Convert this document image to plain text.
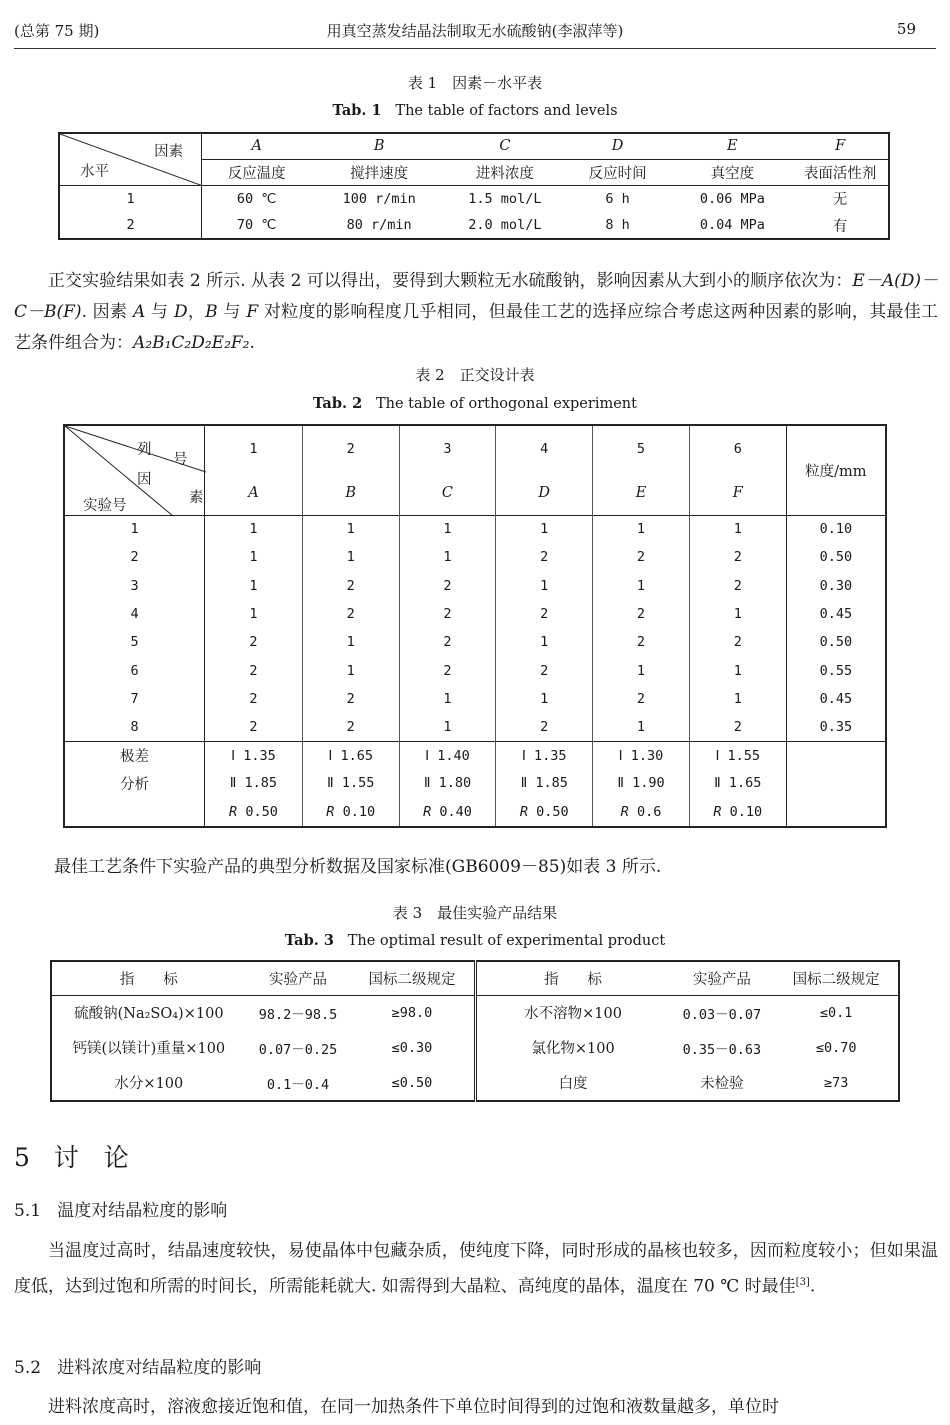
(总第 75 期)	用真空蒸发结晶法制取无水硫酸钠(李淑萍等)	59
表 1　因素－水平表
Tab. 1 The table of factors and levels
因素
水平	A	B	C	D	E	F
	反应温度	搅拌速度	进料浓度	反应时间	真空度	表面活性剂
1	60 ℃	100 r/min	1.5 mol/L	6 h	0.06 MPa	无
2	70 ℃	80 r/min	2.0 mol/L	8 h	0.04 MPa	有
正交实验结果如表 2 所示. 从表 2 可以得出，要得到大颗粒无水硫酸钠，影响因素从大到小的顺序依次为：E－A(D)－C－B(F). 因素 A 与 D，B 与 F 对粒度的影响程度几乎相同，但最佳工艺的选择应综合考虑这两种因素的影响，其最佳工艺条件组合为：A₂B₁C₂D₂E₂F₂.
表 2　正交设计表
Tab. 2 The table of orthogonal experiment
列
号
因
素
实验号	1	2	3	4	5	6	粒度/mm
	A	B	C	D	E	F	
1	1	1	1	1	1	1	0.10
2	1	1	1	2	2	2	0.50
3	1	2	2	1	1	2	0.30
4	1	2	2	2	2	1	0.45
5	2	1	2	1	2	2	0.50
6	2	1	2	2	1	1	0.55
7	2	2	1	1	2	1	0.45
8	2	2	1	2	1	2	0.35
极差	Ⅰ 1.35	Ⅰ 1.65	Ⅰ 1.40	Ⅰ 1.35	Ⅰ 1.30	Ⅰ 1.55	
分析	Ⅱ 1.85	Ⅱ 1.55	Ⅱ 1.80	Ⅱ 1.85	Ⅱ 1.90	Ⅱ 1.65	
	R 0.50	R 0.10	R 0.40	R 0.50	R 0.6	R 0.10	
最佳工艺条件下实验产品的典型分析数据及国家标准(GB6009－85)如表 3 所示.
表 3　最佳实验产品结果
Tab. 3 The optimal result of experimental product
指　　标	实验产品	国标二级规定	指　　标	实验产品	国标二级规定
硫酸钠(Na₂SO₄)×100	98.2－98.5	≥98.0	水不溶物×100	0.03－0.07	≤0.1
钙镁(以镁计)重量×100	0.07－0.25	≤0.30	氯化物×100	0.35－0.63	≤0.70
水分×100	0.1－0.4	≤0.50	白度	未检验	≥73
5 讨　论
5.1 温度对结晶粒度的影响
当温度过高时，结晶速度较快，易使晶体中包藏杂质，使纯度下降，同时形成的晶核也较多，因而粒度较小；但如果温度低，达到过饱和所需的时间长，所需能耗就大. 如需得到大晶粒、高纯度的晶体，温度在 70 ℃ 时最佳[3].
5.2 进料浓度对结晶粒度的影响
进料浓度高时，溶液愈接近饱和值，在同一加热条件下单位时间得到的过饱和液数量越多，单位时
